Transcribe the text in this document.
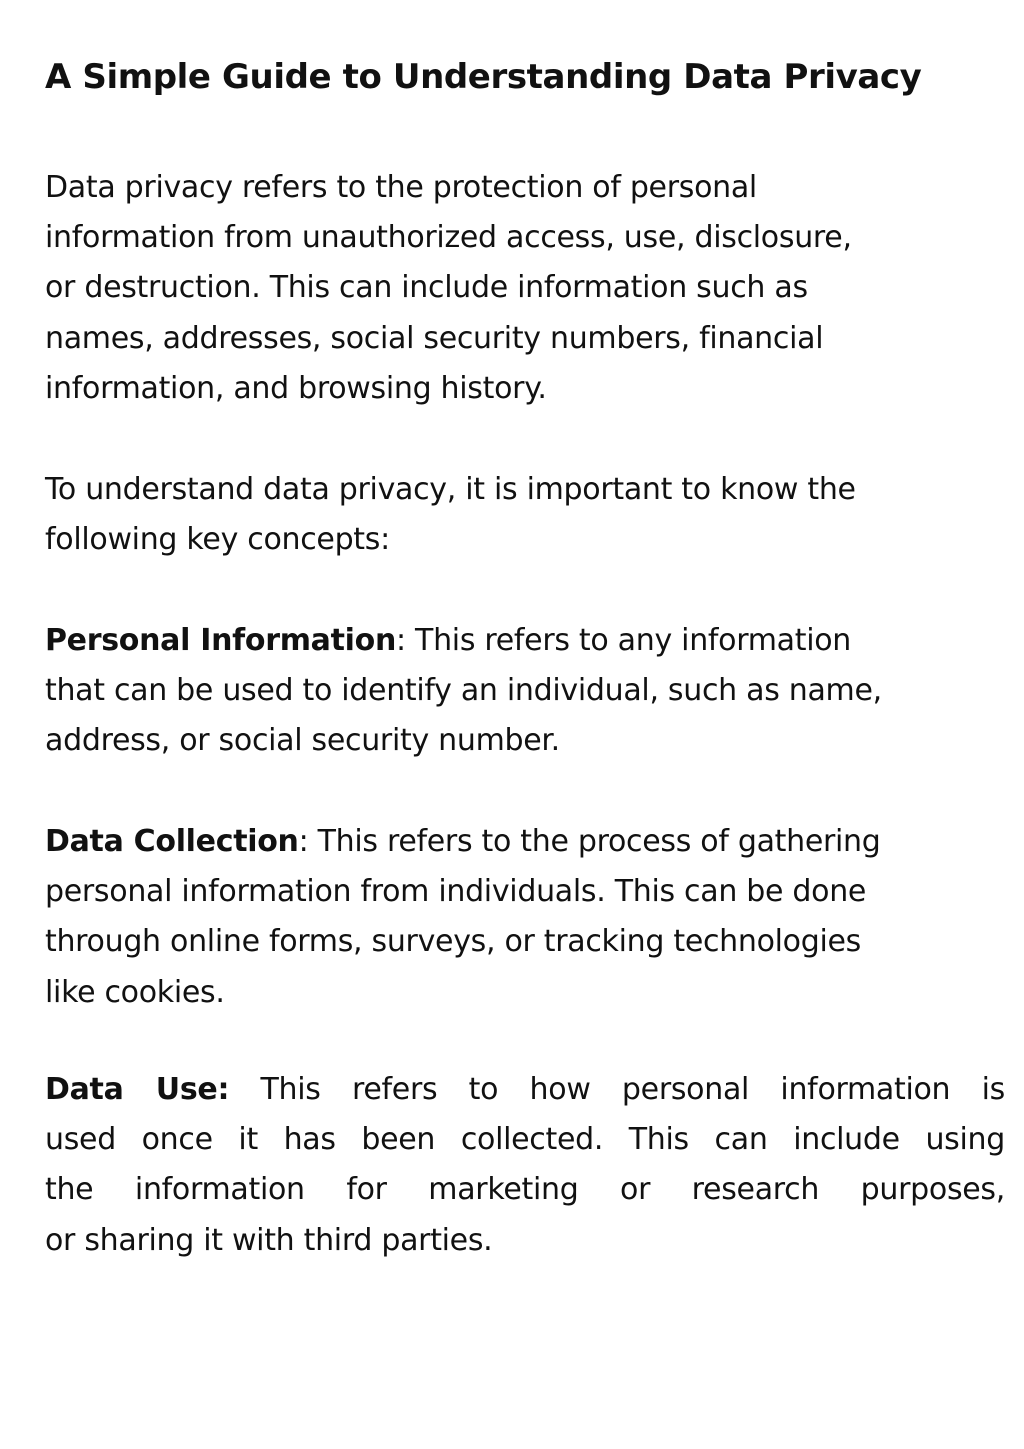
A Simple Guide to Understanding Data Privacy

Data privacy refers to the protection of personal
information from unauthorized access, use, disclosure,
or destruction. This can include information such as
names, addresses, social security numbers, financial
information, and browsing history.

To understand data privacy, it is important to know the
following key concepts:

Personal Information: This refers to any information
that can be used to identify an individual, such as name,
address, or social security number.

Data Collection: This refers to the process of gathering
personal information from individuals. This can be done
through online forms, surveys, or tracking technologies
like cookies.

Data Use: This refers to how personal information is
used once it has been collected. This can include using
the information for marketing or research purposes,
or sharing it with third parties.
